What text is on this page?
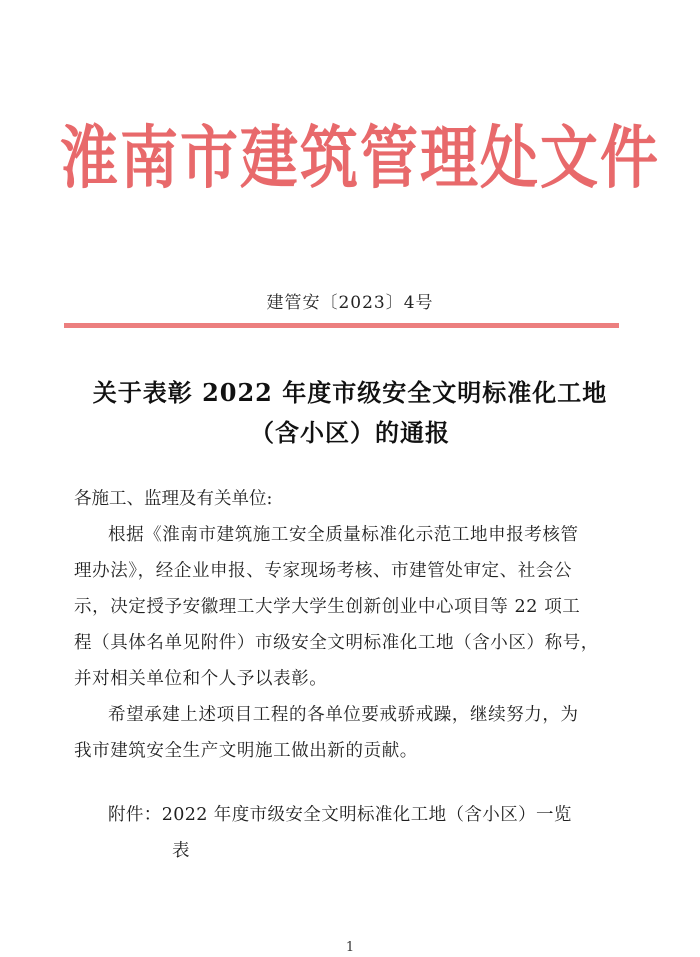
淮南市建筑管理处文件
建管安〔2023〕4号
关于表彰 2022 年度市级安全文明标准化工地
（含小区）的通报
各施工、监理及有关单位:
根据《淮南市建筑施工安全质量标准化示范工地申报考核管
理办法》，经企业申报、专家现场考核、市建管处审定、社会公
示，决定授予安徽理工大学大学生创新创业中心项目等 22 项工
程（具体名单见附件）市级安全文明标准化工地（含小区）称号，
并对相关单位和个人予以表彰。
希望承建上述项目工程的各单位要戒骄戒躁，继续努力，为
我市建筑安全生产文明施工做出新的贡献。
附件：2022 年度市级安全文明标准化工地（含小区）一览
表
1
